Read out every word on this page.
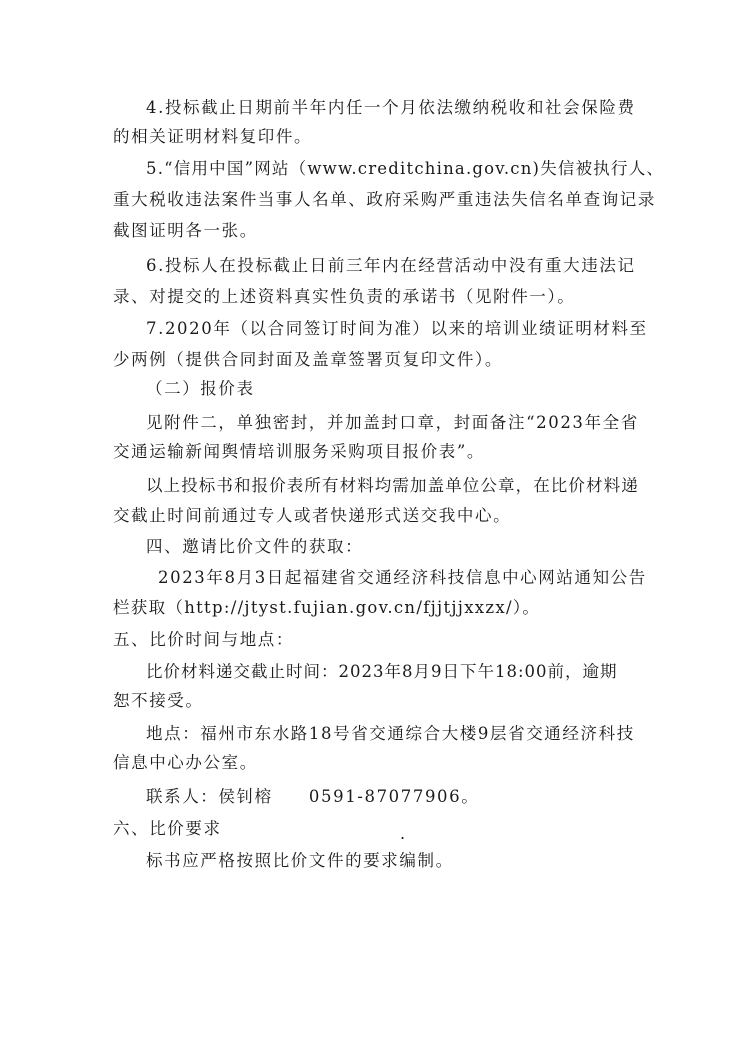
4.投标截止日期前半年内任一个月依法缴纳税收和社会保险费
的相关证明材料复印件。
5.“信用中国”网站（www.creditchina.gov.cn)失信被执行人、
重大税收违法案件当事人名单、政府采购严重违法失信名单查询记录
截图证明各一张。
6.投标人在投标截止日前三年内在经营活动中没有重大违法记
录、对提交的上述资料真实性负责的承诺书（见附件一）。
7.2020年（以合同签订时间为准）以来的培训业绩证明材料至
少两例（提供合同封面及盖章签署页复印文件）。
（二）报价表
见附件二，单独密封，并加盖封口章，封面备注“2023年全省
交通运输新闻舆情培训服务采购项目报价表”。
以上投标书和报价表所有材料均需加盖单位公章，在比价材料递
交截止时间前通过专人或者快递形式送交我中心。
四、邀请比价文件的获取：
2023年8月3日起福建省交通经济科技信息中心网站通知公告
栏获取（http://jtyst.fujian.gov.cn/fjjtjjxxzx/）。
五、比价时间与地点：
比价材料递交截止时间：2023年8月9日下午18:00前，逾期
恕不接受。
地点：福州市东水路18号省交通综合大楼9层省交通经济科技
信息中心办公室。
联系人：侯钊榕　　0591-87077906。
六、比价要求	.
标书应严格按照比价文件的要求编制。
